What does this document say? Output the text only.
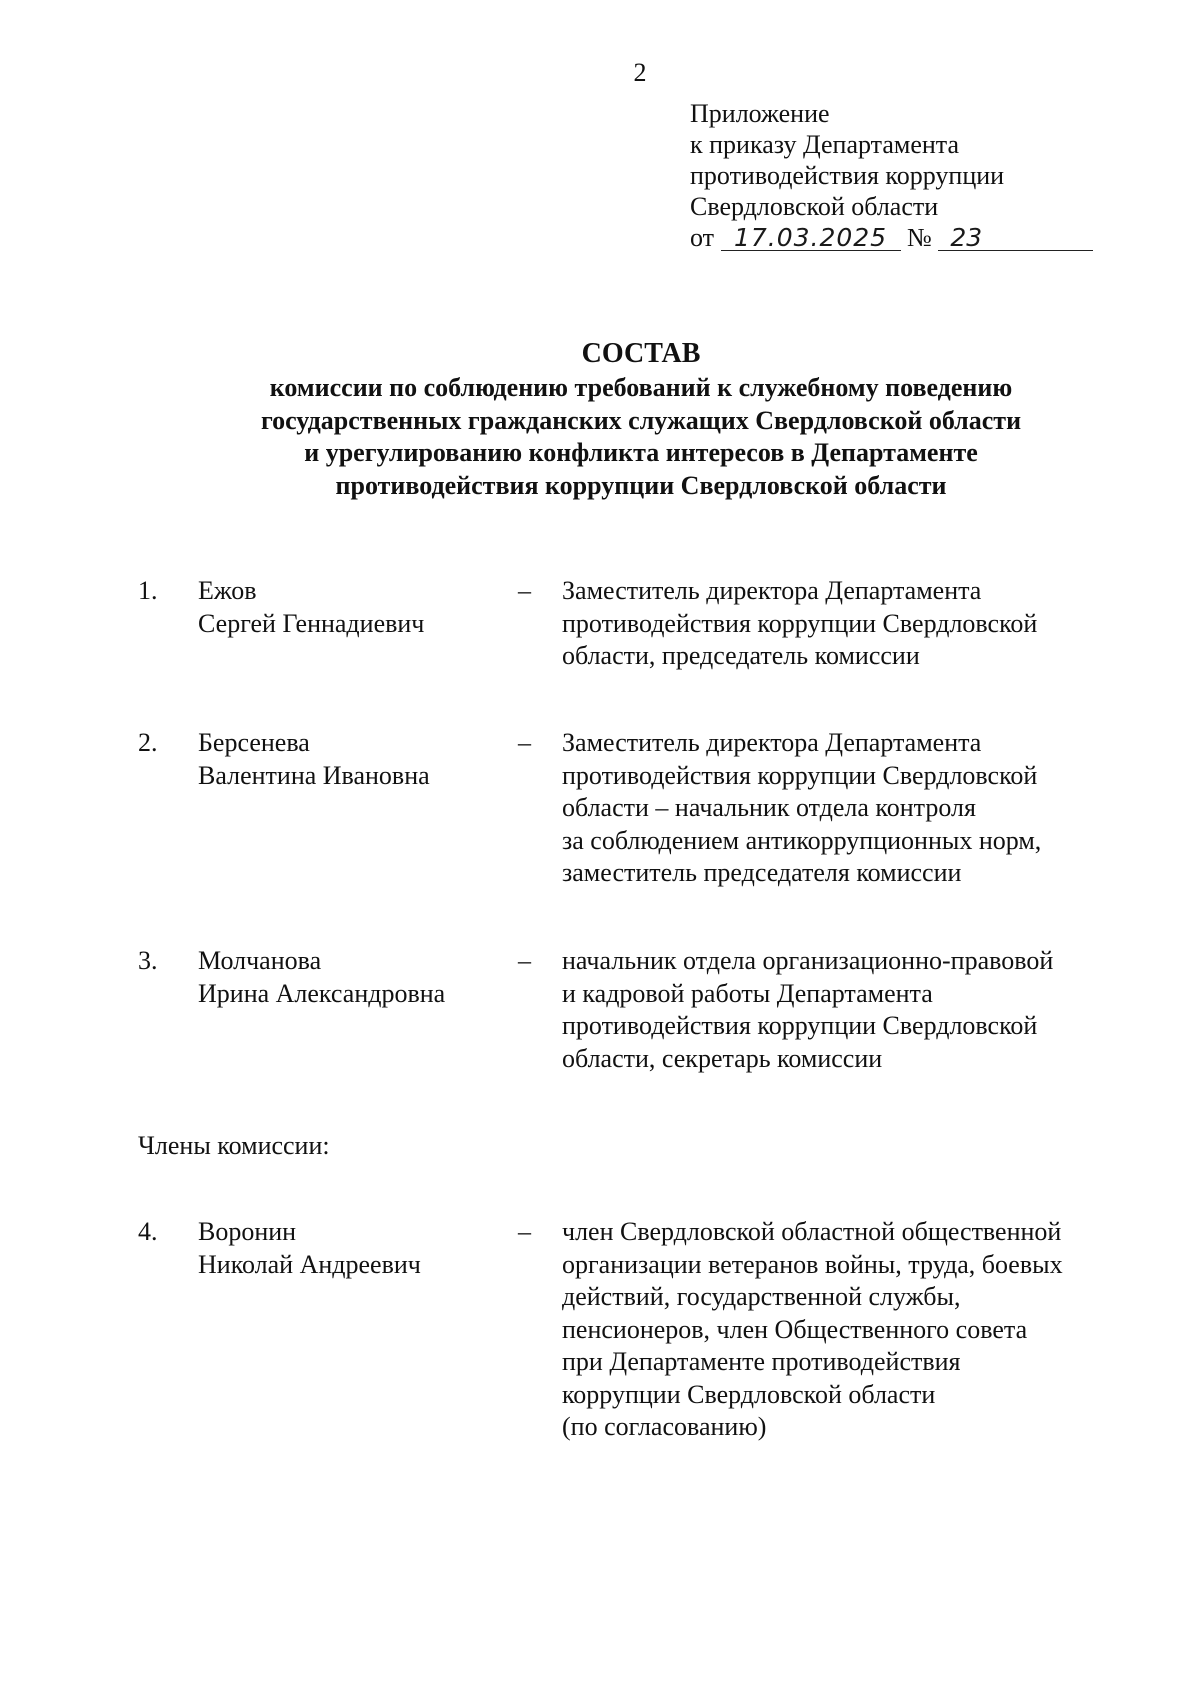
2
Приложение
к приказу Департамента
противодействия коррупции
Свердловской области
от 17.03.2025 № 23
СОСТАВ
комиссии по соблюдению требований к служебному поведению
государственных гражданских служащих Свердловской области
и урегулированию конфликта интересов в Департаменте
противодействия коррупции Свердловской области
1. Ежов
Сергей Геннадиевич
– Заместитель директора Департамента
противодействия коррупции Свердловской
области, председатель комиссии
2. Берсенева
Валентина Ивановна
– Заместитель директора Департамента
противодействия коррупции Свердловской
области – начальник отдела контроля
за соблюдением антикоррупционных норм,
заместитель председателя комиссии
3. Молчанова
Ирина Александровна
– начальник отдела организационно-правовой
и кадровой работы Департамента
противодействия коррупции Свердловской
области, секретарь комиссии
Члены комиссии:
4. Воронин
Николай Андреевич
– член Свердловской областной общественной
организации ветеранов войны, труда, боевых
действий, государственной службы,
пенсионеров, член Общественного совета
при Департаменте противодействия
коррупции Свердловской области
(по согласованию)
